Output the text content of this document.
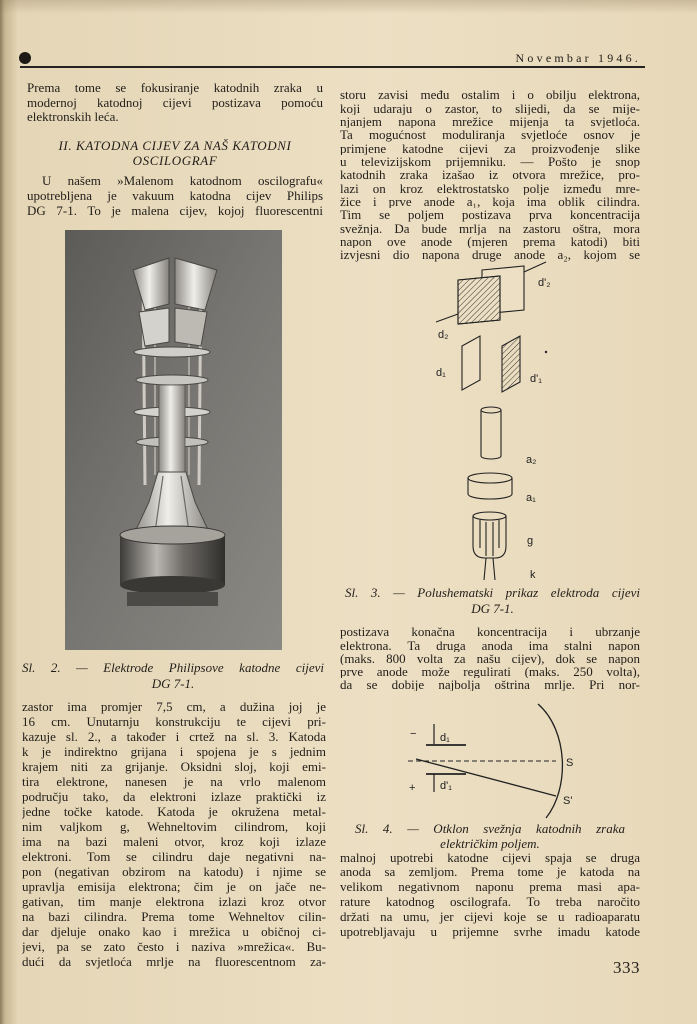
Novembar 1946.
Prema tome se fokusiranje katodnih zraka u
modernoj katodnoj cijevi postizava pomoću
elektronskih leća.
II. KATODNA CIJEV ZA NAŠ KATODNI
OSCILOGRAF
U našem »Malenom katodnom oscilografu«
upotrebljena je vakuum katodna cijev Philips
DG 7-1. To je malena cijev, kojoj fluorescentni
Sl. 2. — Elektrode Philipsove katodne cijevi
DG 7-1.
zastor ima promjer 7,5 cm, a dužina joj je
16 cm. Unutarnju konstrukciju te cijevi pri-
kazuje sl. 2., a također i crtež na sl. 3. Katoda
k je indirektno grijana i spojena je s jednim
krajem niti za grijanje. Oksidni sloj, koji emi-
tira elektrone, nanesen je na vrlo malenom
području tako, da elektroni izlaze praktički iz
jedne točke katode. Katoda je okružena metal-
nim valjkom g, Wehneltovim cilindrom, koji
ima na bazi maleni otvor, kroz koji izlaze
elektroni. Tom se cilindru daje negativni na-
pon (negativan obzirom na katodu) i njime se
upravlja emisija elektrona; čim je on jače ne-
gativan, tim manje elektrona izlazi kroz otvor
na bazi cilindra. Prema tome Wehneltov cilin-
dar djeluje onako kao i mrežica u običnoj ci-
jevi, pa se zato često i naziva »mrežica«. Bu-
dući da svjetloća mrlje na fluorescentnom za-
storu zavisi među ostalim i o obilju elektrona,
koji udaraju o zastor, to slijedi, da se mije-
njanjem napona mrežice mijenja ta svjetloća.
Ta mogućnost moduliranja svjetloće osnov je
primjene katodne cijevi za proizvođenje slike
u televizijskom prijemniku. — Pošto je snop
katodnih zraka izašao iz otvora mrežice, pro-
lazi on kroz elektrostatsko polje između mre-
žice i prve anode a₁, koja ima oblik cilindra.
Tim se poljem postizava prva koncentracija
svežnja. Da bude mrlja na zastoru oštra, mora
napon ove anode (mjeren prema katodi) biti
izvjesni dio napona druge anode a₂, kojom se
d'₂
d₂
d₁	d'₁
a₂
a₁
g
k
Sl. 3. — Polushematski prikaz elektroda cijevi
DG 7-1.
postizava konačna koncentracija i ubrzanje
elektrona. Ta druga anoda ima stalni napon
(maks. 800 volta za našu cijev), dok se napon
prve anode može regulirati (maks. 250 volta),
da se dobije najbolja oštrina mrlje. Pri nor-
− d₁
+ d'₁
S
S'
Sl. 4. — Otklon svežnja katodnih zraka
električkim poljem.
malnoj upotrebi katodne cijevi spaja se druga
anoda sa zemljom. Prema tome je katoda na
velikom negativnom naponu prema masi apa-
rature katodnog oscilografa. To treba naročito
držati na umu, jer cijevi koje se u radioaparatu
upotrebljavaju u prijemne svrhe imadu katode
333
